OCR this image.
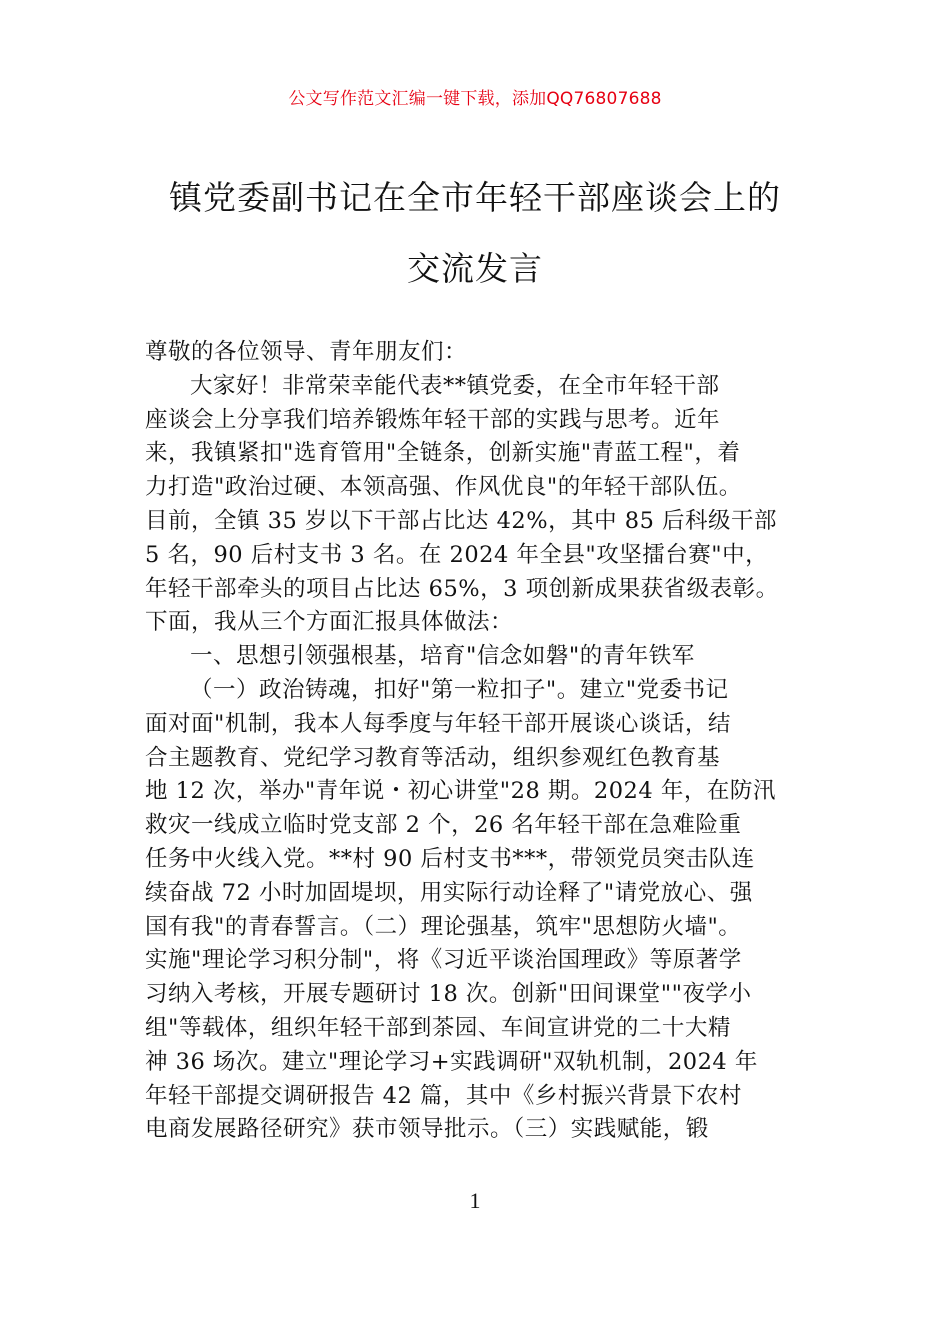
公文写作范文汇编一键下载，添加QQ76807688
镇党委副书记在全市年轻干部座谈会上的
交流发言
尊敬的各位领导、青年朋友们：
大家好！非常荣幸能代表**镇党委，在全市年轻干部
座谈会上分享我们培养锻炼年轻干部的实践与思考。近年
来，我镇紧扣"选育管用"全链条，创新实施"青蓝工程"，着
力打造"政治过硬、本领高强、作风优良"的年轻干部队伍。
目前，全镇 35 岁以下干部占比达 42%，其中 85 后科级干部
5 名，90 后村支书 3 名。在 2024 年全县"攻坚擂台赛"中，
年轻干部牵头的项目占比达 65%，3 项创新成果获省级表彰。
下面，我从三个方面汇报具体做法：
一、思想引领强根基，培育"信念如磐"的青年铁军
（一）政治铸魂，扣好"第一粒扣子"。建立"党委书记
面对面"机制，我本人每季度与年轻干部开展谈心谈话，结
合主题教育、党纪学习教育等活动，组织参观红色教育基
地 12 次，举办"青年说・初心讲堂"28 期。2024 年，在防汛
救灾一线成立临时党支部 2 个，26 名年轻干部在急难险重
任务中火线入党。**村 90 后村支书***，带领党员突击队连
续奋战 72 小时加固堤坝，用实际行动诠释了"请党放心、强
国有我"的青春誓言。（二）理论强基，筑牢"思想防火墙"。
实施"理论学习积分制"，将《习近平谈治国理政》等原著学
习纳入考核，开展专题研讨 18 次。创新"田间课堂""夜学小
组"等载体，组织年轻干部到茶园、车间宣讲党的二十大精
神 36 场次。建立"理论学习+实践调研"双轨机制，2024 年
年轻干部提交调研报告 42 篇，其中《乡村振兴背景下农村
电商发展路径研究》获市领导批示。（三）实践赋能，锻
1
